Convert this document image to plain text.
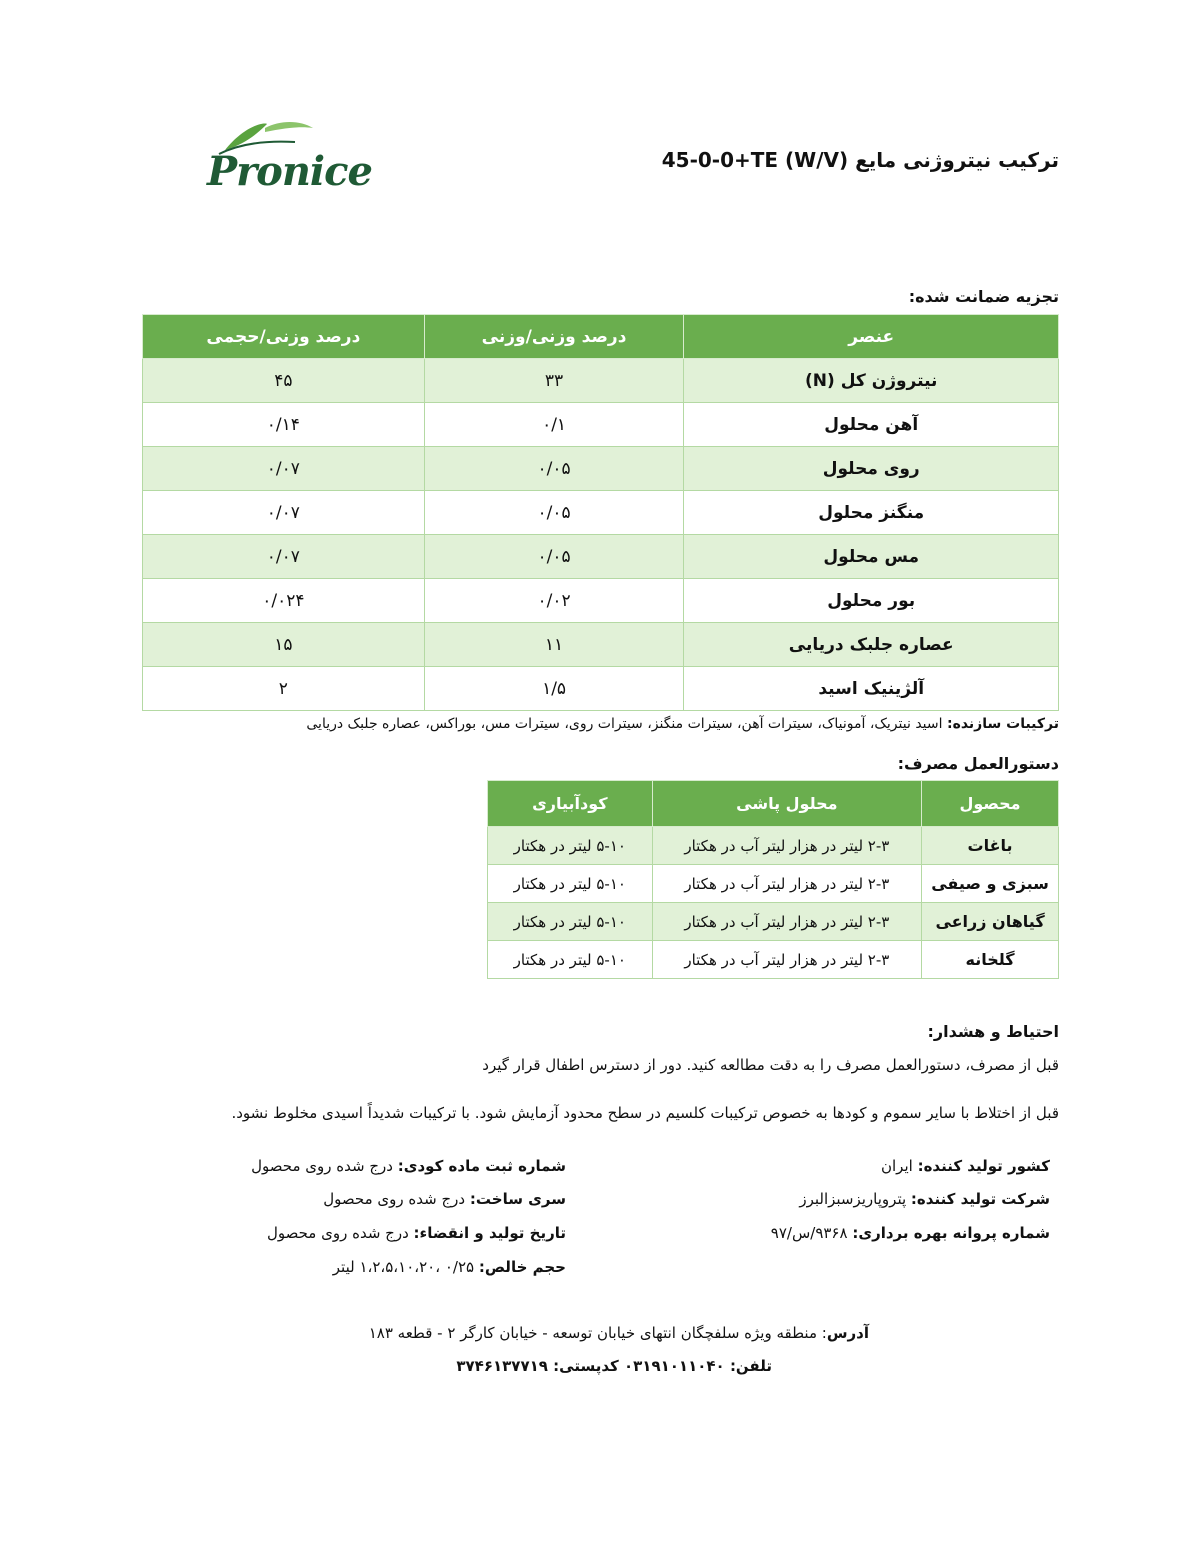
Pronice	ترکیب نیتروژنی مایع (W/V) 45-0-0+TE
تجزیه ضمانت شده:
عنصر	درصد وزنی/وزنی	درصد وزنی/حجمی
نیتروژن کل (N)	۳۳	۴۵
آهن محلول	۰/۱	۰/۱۴
روی محلول	۰/۰۵	۰/۰۷
منگنز محلول	۰/۰۵	۰/۰۷
مس محلول	۰/۰۵	۰/۰۷
بور محلول	۰/۰۲	۰/۰۲۴
عصاره جلبک دریایی	۱۱	۱۵
آلژینیک اسید	۱/۵	۲
ترکیبات سازنده: اسید نیتریک، آمونیاک، سیترات آهن، سیترات منگنز، سیترات روی، سیترات مس، بوراکس، عصاره جلبک دریایی
دستورالعمل مصرف:
محصول	محلول پاشی	کودآبیاری
باغات	۲-۳ لیتر در هزار لیتر آب در هکتار	۵-۱۰ لیتر در هکتار
سبزی و صیفی	۲-۳ لیتر در هزار لیتر آب در هکتار	۵-۱۰ لیتر در هکتار
گیاهان زراعی	۲-۳ لیتر در هزار لیتر آب در هکتار	۵-۱۰ لیتر در هکتار
گلخانه	۲-۳ لیتر در هزار لیتر آب در هکتار	۵-۱۰ لیتر در هکتار
احتیاط و هشدار:
قبل از مصرف، دستورالعمل مصرف را به دقت مطالعه کنید. دور از دسترس اطفال قرار گیرد
قبل از اختلاط با سایر سموم و کودها به خصوص ترکیبات کلسیم در سطح محدود آزمایش شود. با ترکیبات شدیداً اسیدی مخلوط نشود.
کشور تولید کننده: ایران
شرکت تولید کننده: پتروپاریزسبزالبرز
شماره پروانه بهره برداری: ۹۳۶۸/س/۹۷
شماره ثبت ماده کودی: درج شده روی محصول
سری ساخت: درج شده روی محصول
تاریخ تولید و انقضاء: درج شده روی محصول
حجم خالص: ۰/۲۵ ،۱،۲،۵،۱۰،۲۰ لیتر
آدرس: منطقه ویژه سلفچگان انتهای خیابان توسعه - خیابان کارگر ۲ - قطعه ۱۸۳
تلفن: ۰۳۱۹۱۰۱۱۰۴۰ کدپستی: ۳۷۴۶۱۳۷۷۱۹
